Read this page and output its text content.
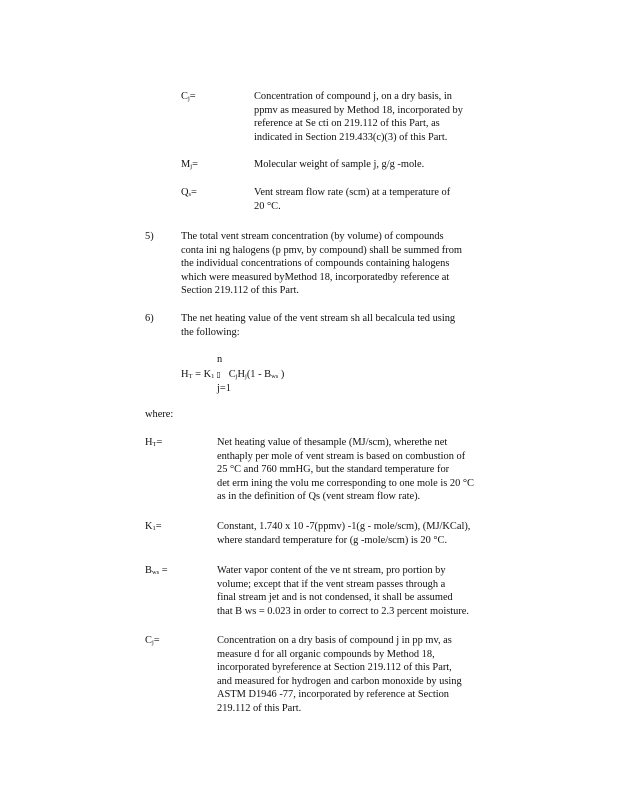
$C_j=$	Concentration of compound j, on a dry basis, in
ppmv as measured by Method 18, incorporated by
reference at Se cti on 219.112 of this Part, as
indicated in Section 219.433(c)(3) of this Part.
$M_j=$	Molecular weight of sample j, g/g -mole.
$Q_s=$	Vent stream flow rate (scm) at a temperature of
20 °C.
5)	The total vent stream concentration (by volume) of compounds
conta ini ng halogens (p pmv, by compound) shall be summed from
the individual concentrations of compounds containing halogens
which were measured byMethod 18, incorporatedby reference at
Section 219.112 of this Part.
6)	The net heating value of the vent stream sh all becalcula ted using
the following:
n
$H_T = K_1$ ▯ $C_jH_j(1 - B_{ws}$ )
j=1
where:
$H_T=$	Net heating value of thesample (MJ/scm), wherethe net
enthaply per mole of vent stream is based on combustion of
25 °C and 760 mmHG, but the standard temperature for
det erm ining the volu me corresponding to one mole is 20 °C
as in the definition of Qs (vent stream flow rate).
$K_1=$	Constant, 1.740 x 10 -7(ppmv) -1(g - mole/scm), (MJ/KCal),
where standard temperature for (g -mole/scm) is 20 °C.
$B_{ws}$ =	Water vapor content of the ve nt stream, pro portion by
volume; except that if the vent stream passes through a
final stream jet and is not condensed, it shall be assumed
that B ws = 0.023 in order to correct to 2.3 percent moisture.
$C_j=$	Concentration on a dry basis of compound j in pp mv, as
measure d for all organic compounds by Method 18,
incorporated byreference at Section 219.112 of this Part,
and measured for hydrogen and carbon monoxide by using
ASTM D1946 -77, incorporated by reference at Section
219.112 of this Part.
